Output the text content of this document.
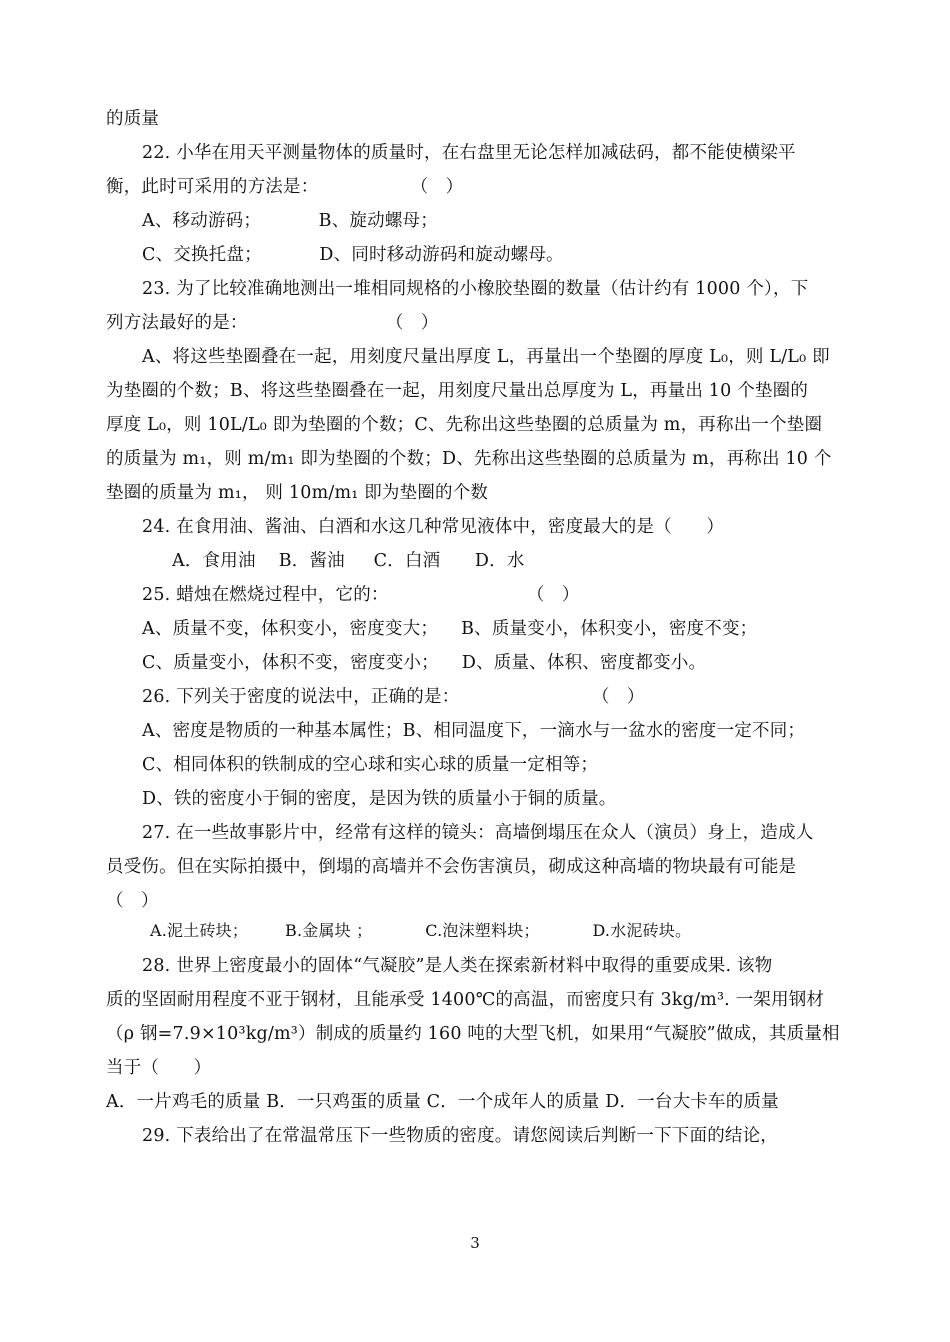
的质量
22. 小华在用天平测量物体的质量时，在右盘里无论怎样加减砝码，都不能使横梁平
衡，此时可采用的方法是：                （   ）
A、移动游码；          B、旋动螺母；
C、交换托盘；          D、同时移动游码和旋动螺母。
23. 为了比较准确地测出一堆相同规格的小橡胶垫圈的数量（估计约有 1000 个），下
列方法最好的是：                        （   ）
A、将这些垫圈叠在一起，用刻度尺量出厚度 L，再量出一个垫圈的厚度 L₀，则 L/L₀ 即
为垫圈的个数；B、将这些垫圈叠在一起，用刻度尺量出总厚度为 L，再量出 10 个垫圈的
厚度 L₀，则 10L/L₀ 即为垫圈的个数；C、先称出这些垫圈的总质量为 m，再称出一个垫圈
的质量为 m₁，则 m/m₁ 即为垫圈的个数；D、先称出这些垫圈的总质量为 m，再称出 10 个
垫圈的质量为 m₁， 则 10m/m₁ 即为垫圈的个数
24. 在食用油、酱油、白酒和水这几种常见液体中，密度最大的是（      ）
A．食用油    B．酱油     C．白酒      D．水
25. 蜡烛在燃烧过程中，它的：                        （   ）
A、质量不变，体积变小，密度变大；    B、质量变小，体积变小，密度不变；
C、质量变小，体积不变，密度变小；    D、质量、体积、密度都变小。
26. 下列关于密度的说法中，正确的是：                       （   ）
A、密度是物质的一种基本属性；B、相同温度下，一滴水与一盆水的密度一定不同；
C、相同体积的铁制成的空心球和实心球的质量一定相等；
D、铁的密度小于铜的密度，是因为铁的质量小于铜的质量。
27. 在一些故事影片中，经常有这样的镜头：高墙倒塌压在众人（演员）身上，造成人
员受伤。但在实际拍摄中，倒塌的高墙并不会伤害演员，砌成这种高墙的物块最有可能是
（   ）
A.泥土砖块；       B.金属块 ；          C.泡沫塑料块；          D.水泥砖块。
28. 世界上密度最小的固体“气凝胶”是人类在探索新材料中取得的重要成果. 该物
质的坚固耐用程度不亚于钢材，且能承受 1400℃的高温，而密度只有 3kg/m³. 一架用钢材
（ρ 钢=7.9×10³kg/m³）制成的质量约 160 吨的大型飞机，如果用“气凝胶”做成，其质量相
当于（      ）
A．一片鸡毛的质量 B．一只鸡蛋的质量 C．一个成年人的质量 D．一台大卡车的质量
29. 下表给出了在常温常压下一些物质的密度。请您阅读后判断一下下面的结论，
3
